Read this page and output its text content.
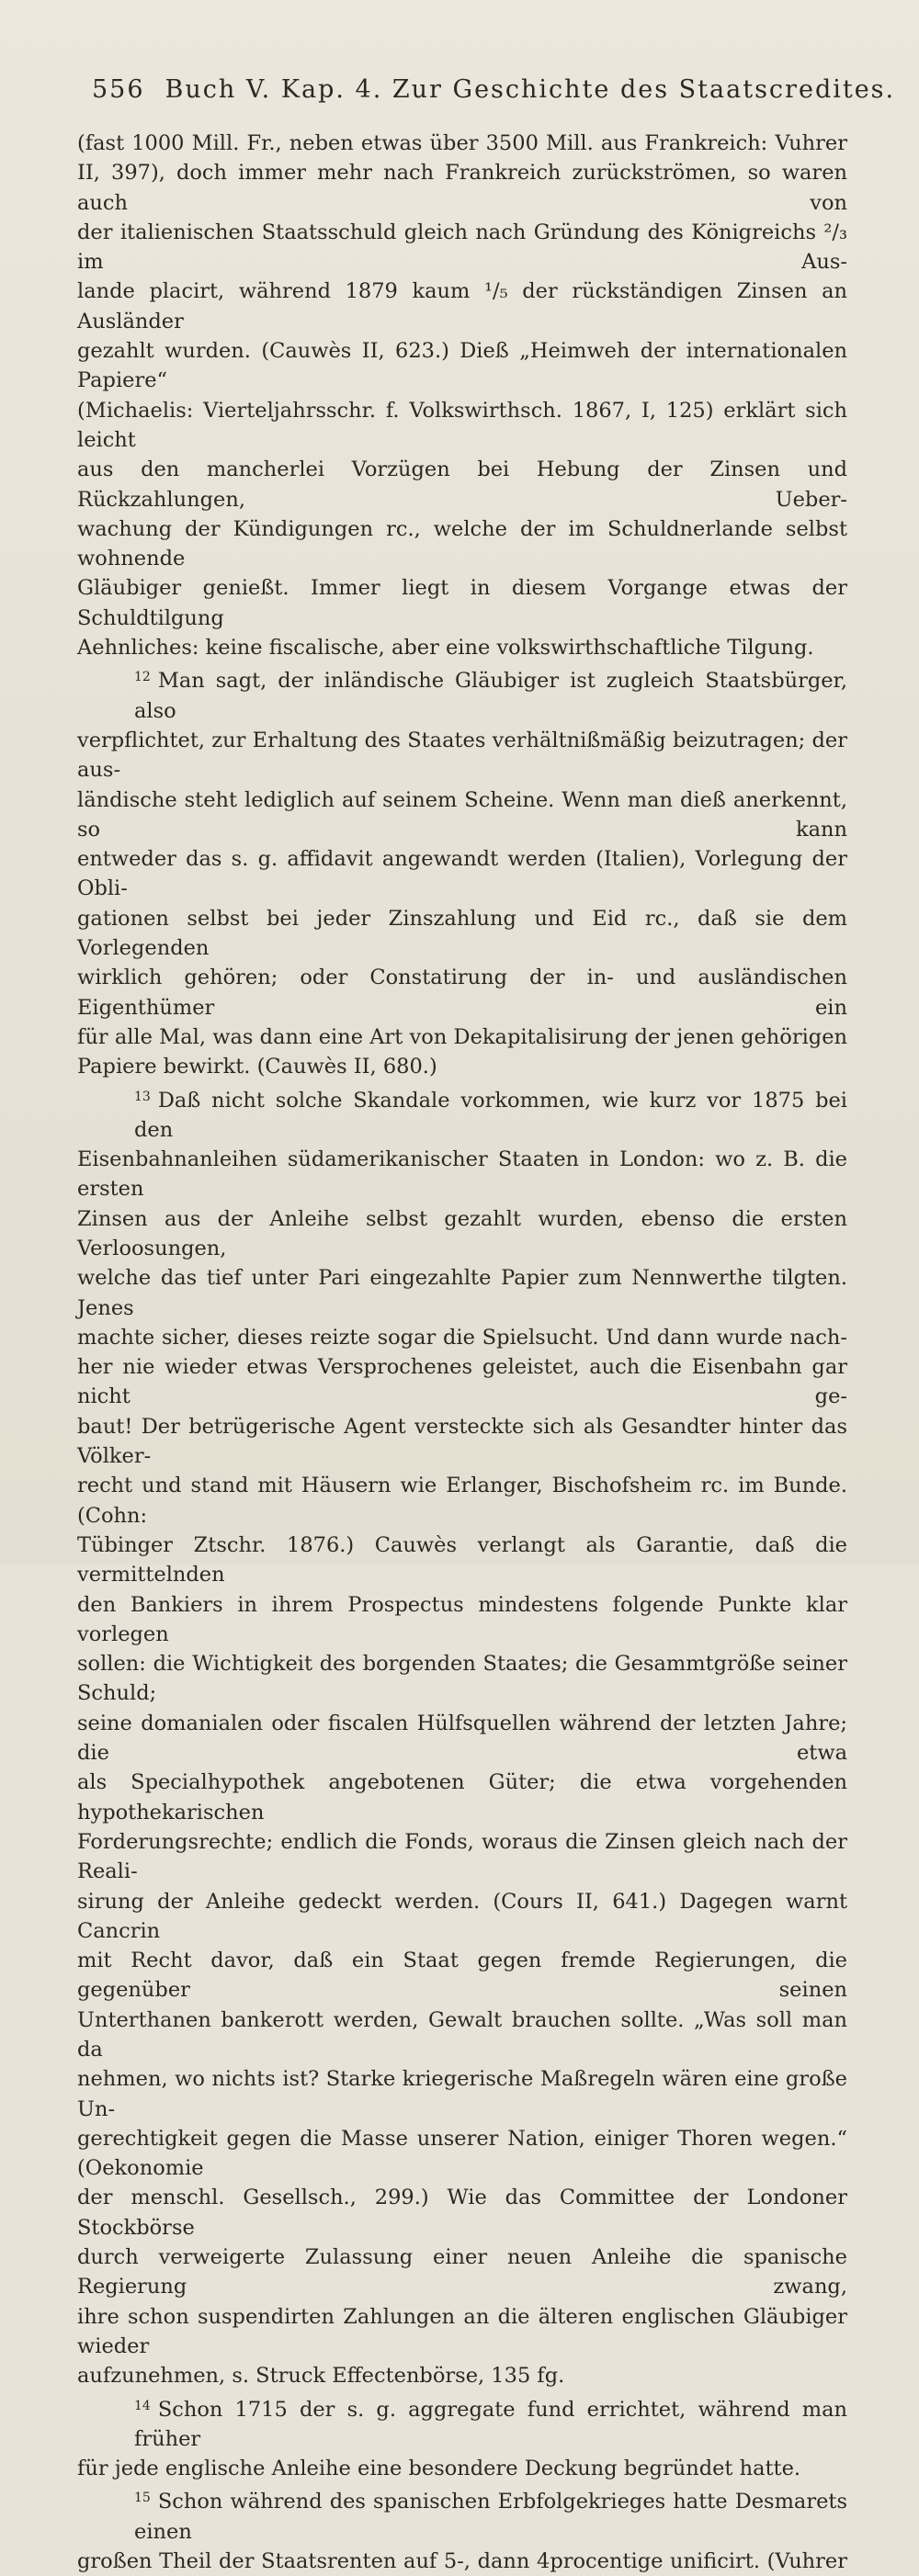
556 Buch V. Kap. 4. Zur Geschichte des Staatscredites.

(fast 1000 Mill. Fr., neben etwas über 3500 Mill. aus Frankreich: Vuhrer

II, 397), doch immer mehr nach Frankreich zurückströmen, so waren auch von

der italienischen Staatsschuld gleich nach Gründung des Königreichs ²/₃ im Aus-

lande placirt, während 1879 kaum ¹/₅ der rückständigen Zinsen an Ausländer

gezahlt wurden. (Cauwès II, 623.) Dieß „Heimweh der internationalen Papiere“

(Michaelis: Vierteljahrsschr. f. Volkswirthsch. 1867, I, 125) erklärt sich leicht

aus den mancherlei Vorzügen bei Hebung der Zinsen und Rückzahlungen, Ueber-

wachung der Kündigungen rc., welche der im Schuldnerlande selbst wohnende

Gläubiger genießt. Immer liegt in diesem Vorgange etwas der Schuldtilgung

Aehnliches: keine fiscalische, aber eine volkswirthschaftliche Tilgung.

$^{12}$ Man sagt, der inländische Gläubiger ist zugleich Staatsbürger, also

verpflichtet, zur Erhaltung des Staates verhältnißmäßig beizutragen; der aus-

ländische steht lediglich auf seinem Scheine. Wenn man dieß anerkennt, so kann

entweder das s. g. affidavit angewandt werden (Italien), Vorlegung der Obli-

gationen selbst bei jeder Zinszahlung und Eid rc., daß sie dem Vorlegenden

wirklich gehören; oder Constatirung der in- und ausländischen Eigenthümer ein

für alle Mal, was dann eine Art von Dekapitalisirung der jenen gehörigen

Papiere bewirkt. (Cauwès II, 680.)

$^{13}$ Daß nicht solche Skandale vorkommen, wie kurz vor 1875 bei den

Eisenbahnanleihen südamerikanischer Staaten in London: wo z. B. die ersten

Zinsen aus der Anleihe selbst gezahlt wurden, ebenso die ersten Verloosungen,

welche das tief unter Pari eingezahlte Papier zum Nennwerthe tilgten. Jenes

machte sicher, dieses reizte sogar die Spielsucht. Und dann wurde nach-

her nie wieder etwas Versprochenes geleistet, auch die Eisenbahn gar nicht ge-

baut! Der betrügerische Agent versteckte sich als Gesandter hinter das Völker-

recht und stand mit Häusern wie Erlanger, Bischofsheim rc. im Bunde. (Cohn:

Tübinger Ztschr. 1876.) Cauwès verlangt als Garantie, daß die vermittelnden

den Bankiers in ihrem Prospectus mindestens folgende Punkte klar vorlegen

sollen: die Wichtigkeit des borgenden Staates; die Gesammtgröße seiner Schuld;

seine domanialen oder fiscalen Hülfsquellen während der letzten Jahre; die etwa

als Specialhypothek angebotenen Güter; die etwa vorgehenden hypothekarischen

Forderungsrechte; endlich die Fonds, woraus die Zinsen gleich nach der Reali-

sirung der Anleihe gedeckt werden. (Cours II, 641.) Dagegen warnt Cancrin

mit Recht davor, daß ein Staat gegen fremde Regierungen, die gegenüber seinen

Unterthanen bankerott werden, Gewalt brauchen sollte. „Was soll man da

nehmen, wo nichts ist? Starke kriegerische Maßregeln wären eine große Un-

gerechtigkeit gegen die Masse unserer Nation, einiger Thoren wegen.“ (Oekonomie

der menschl. Gesellsch., 299.) Wie das Committee der Londoner Stockbörse

durch verweigerte Zulassung einer neuen Anleihe die spanische Regierung zwang,

ihre schon suspendirten Zahlungen an die älteren englischen Gläubiger wieder

aufzunehmen, s. Struck Effectenbörse, 135 fg.

$^{14}$ Schon 1715 der s. g. aggregate fund errichtet, während man früher

für jede englische Anleihe eine besondere Deckung begründet hatte.

$^{15}$ Schon während des spanischen Erbfolgekrieges hatte Desmarets einen

großen Theil der Staatsrenten auf 5-, dann 4procentige unificirt. (Vuhrer
